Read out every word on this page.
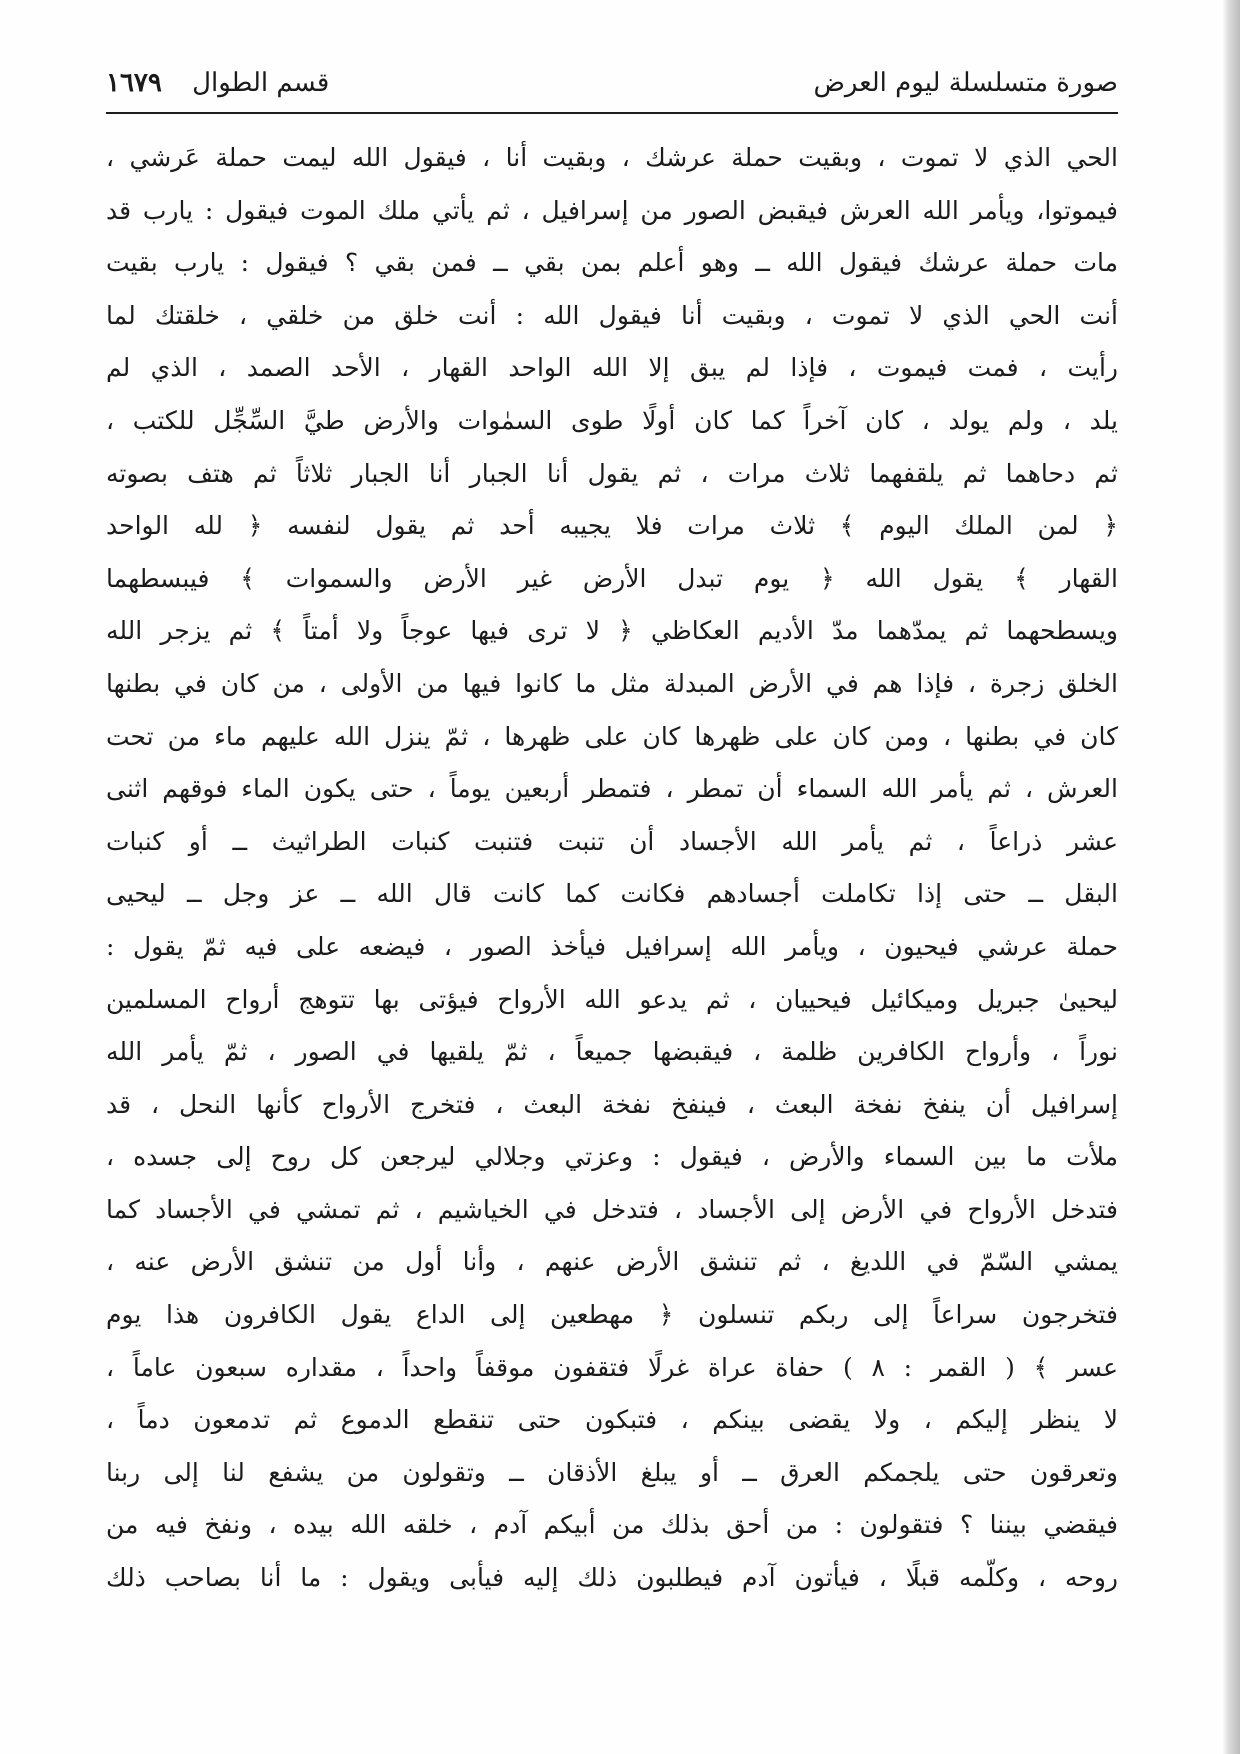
صورة متسلسلة ليوم العرض
قسم الطوال ١٦٧٩
الحي الذي لا تموت ، وبقيت حملة عرشك ، وبقيت أنا ، فيقول الله ليمت حملة عَرشي ،
فيموتوا، ويأمر الله العرش فيقبض الصور من إسرافيل ، ثم يأتي ملك الموت فيقول : يارب قد
مات حملة عرشك فيقول الله ــ وهو أعلم بمن بقي ــ فمن بقي ؟ فيقول : يارب بقيت
أنت الحي الذي لا تموت ، وبقيت أنا فيقول الله : أنت خلق من خلقي ، خلقتك لما
رأيت ، فمت فيموت ، فإذا لم يبق إلا الله الواحد القهار ، الأحد الصمد ، الذي لم
يلد ، ولم يولد ، كان آخراً كما كان أولًا طوى السمٰوات والأرض طيَّ السِّجِّل للكتب ،
ثم دحاهما ثم يلقفهما ثلاث مرات ، ثم يقول أنا الجبار أنا الجبار ثلاثاً ثم هتف بصوته
﴿ لمن الملك اليوم ﴾ ثلاث مرات فلا يجيبه أحد ثم يقول لنفسه ﴿ لله الواحد
القهار ﴾ يقول الله ﴿ يوم تبدل الأرض غير الأرض والسموات ﴾ فيبسطهما
ويسطحهما ثم يمدّهما مدّ الأديم العكاظي ﴿ لا ترى فيها عوجاً ولا أمتاً ﴾ ثم يزجر الله
الخلق زجرة ، فإذا هم في الأرض المبدلة مثل ما كانوا فيها من الأولى ، من كان في بطنها
كان في بطنها ، ومن كان على ظهرها كان على ظهرها ، ثمّ ينزل الله عليهم ماء من تحت
العرش ، ثم يأمر الله السماء أن تمطر ، فتمطر أربعين يوماً ، حتى يكون الماء فوقهم اثنى
عشر ذراعاً ، ثم يأمر الله الأجساد أن تنبت فتنبت كنبات الطراثيث ــ أو كنبات
البقل ــ حتى إذا تكاملت أجسادهم فكانت كما كانت قال الله ــ عز وجل ــ ليحيى
حملة عرشي فيحيون ، ويأمر الله إسرافيل فيأخذ الصور ، فيضعه على فيه ثمّ يقول :
ليحيىٰ جبريل وميكائيل فيحييان ، ثم يدعو الله الأرواح فيؤتى بها تتوهج أرواح المسلمين
نوراً ، وأرواح الكافرين ظلمة ، فيقبضها جميعاً ، ثمّ يلقيها في الصور ، ثمّ يأمر الله
إسرافيل أن ينفخ نفخة البعث ، فينفخ نفخة البعث ، فتخرج الأرواح كأنها النحل ، قد
ملأت ما بين السماء والأرض ، فيقول : وعزتي وجلالي ليرجعن كل روح إلى جسده ،
فتدخل الأرواح في الأرض إلى الأجساد ، فتدخل في الخياشيم ، ثم تمشي في الأجساد كما
يمشي السّمّ في اللديغ ، ثم تنشق الأرض عنهم ، وأنا أول من تنشق الأرض عنه ،
فتخرجون سراعاً إلى ربكم تنسلون ﴿ مهطعين إلى الداع يقول الكافرون هذا يوم
عسر ﴾ ( القمر : ٨ ) حفاة عراة غرلًا فتقفون موقفاً واحداً ، مقداره سبعون عاماً ،
لا ينظر إليكم ، ولا يقضى بينكم ، فتبكون حتى تنقطع الدموع ثم تدمعون دماً ،
وتعرقون حتى يلجمكم العرق ــ أو يبلغ الأذقان ــ وتقولون من يشفع لنا إلى ربنا
فيقضي بيننا ؟ فتقولون : من أحق بذلك من أبيكم آدم ، خلقه الله بيده ، ونفخ فيه من
روحه ، وكلّمه قبلًا ، فيأتون آدم فيطلبون ذلك إليه فيأبى ويقول : ما أنا بصاحب ذلك
